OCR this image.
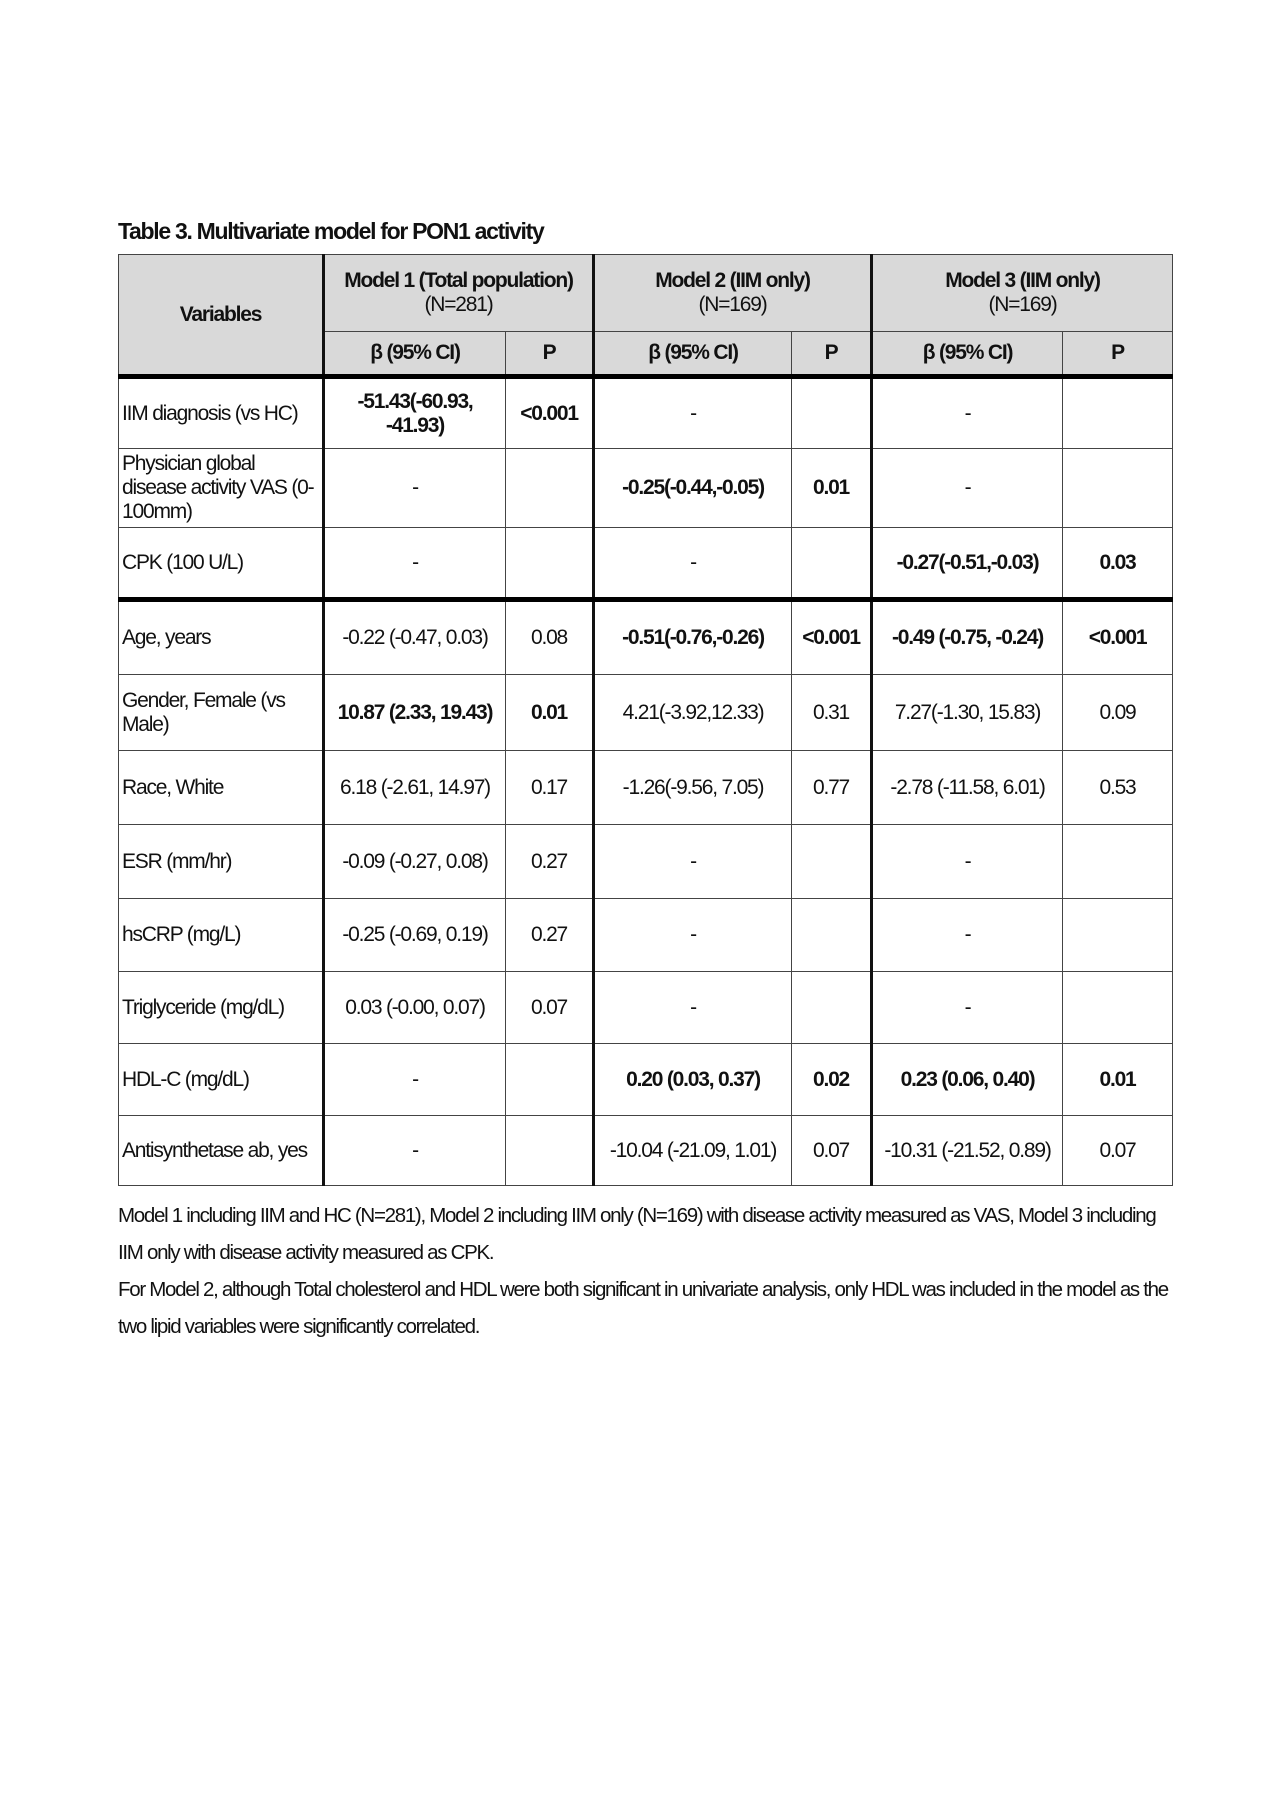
Table 3. Multivariate model for PON1 activity
Variables	Model 1 (Total population)
(N=281)		Model 2 (IIM only)
(N=169)		Model 3 (IIM only)
(N=169)	

	β (95% CI)	P	β (95% CI)	P	β (95% CI)	P
IIM diagnosis (vs HC)	-51.43(-60.93, -41.93)	<0.001	-		-	
Physician global disease activity VAS (0-100mm)	-		-0.25(-0.44,-0.05)	0.01	-	
CPK (100 U/L)	-		-		-0.27(-0.51,-0.03)	0.03
Age, years	-0.22 (-0.47, 0.03)	0.08	-0.51(-0.76,-0.26)	<0.001	-0.49 (-0.75, -0.24)	<0.001
Gender, Female (vs Male)	10.87 (2.33, 19.43)	0.01	4.21(-3.92,12.33)	0.31	7.27(-1.30, 15.83)	0.09
Race, White	6.18 (-2.61, 14.97)	0.17	-1.26(-9.56, 7.05)	0.77	-2.78 (-11.58, 6.01)	0.53
ESR (mm/hr)	-0.09 (-0.27, 0.08)	0.27	-		-	
hsCRP (mg/L)	-0.25 (-0.69, 0.19)	0.27	-		-	
Triglyceride (mg/dL)	0.03 (-0.00, 0.07)	0.07	-		-	
HDL-C (mg/dL)	-		0.20 (0.03, 0.37)	0.02	0.23 (0.06, 0.40)	0.01
Antisynthetase ab, yes	-		-10.04 (-21.09, 1.01)	0.07	-10.31 (-21.52, 0.89)	0.07
Model 1 including IIM and HC (N=281), Model 2 including IIM only (N=169) with disease activity measured as VAS, Model 3 including IIM only with disease activity measured as CPK.
For Model 2, although Total cholesterol and HDL were both significant in univariate analysis, only HDL was included in the model as the two lipid variables were significantly correlated.
